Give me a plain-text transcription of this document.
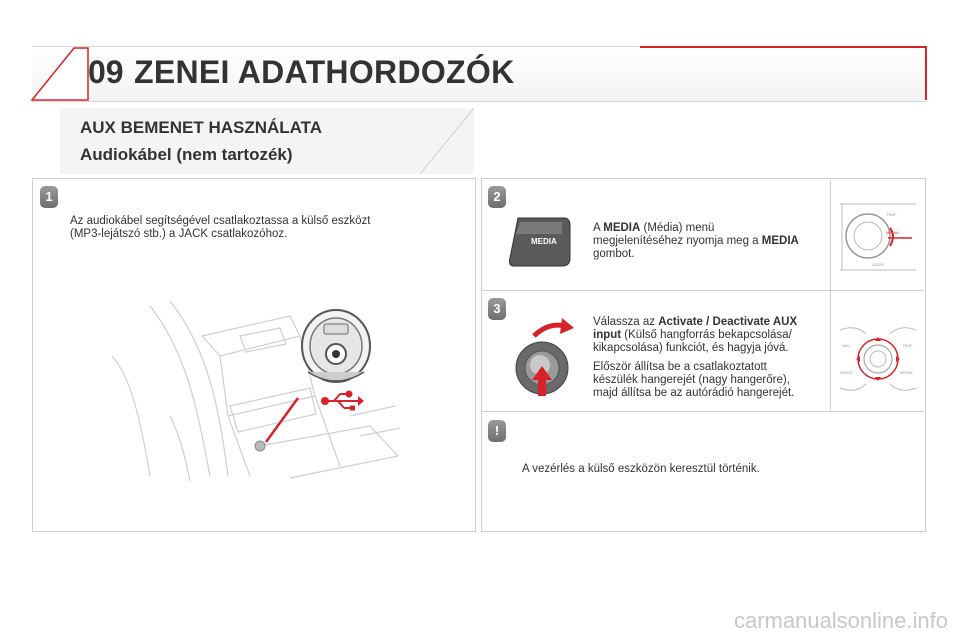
09 ZENEI ADATHORDOZÓK
AUX BEMENET HASZNÁLATA
Audiokábel (nem tartozék)
1
Az audiokábel segítségével csatlakoztassa a külső eszközt
(MP3-lejátszó stb.) a JACK csatlakozóhoz.
2
MEDIA
A MEDIA (Média) menü
megjelenítéséhez nyomja meg a MEDIA
gombot.
TRAF
MEDIA
ADDR.
3
Válassza az Activate / Deactivate AUX
input (Külső hangforrás bekapcsolása/
kikapcsolása) funkciót, és hagyja jóvá.
Először állítsa be a csatlakoztatott
készülék hangerejét (nagy hangerőre),
majd állítsa be az autórádió hangerejét.
NAV	TRAF
RADIO	MEDIA
!
A vezérlés a külső eszközön keresztül történik.
carmanualsonline.info
